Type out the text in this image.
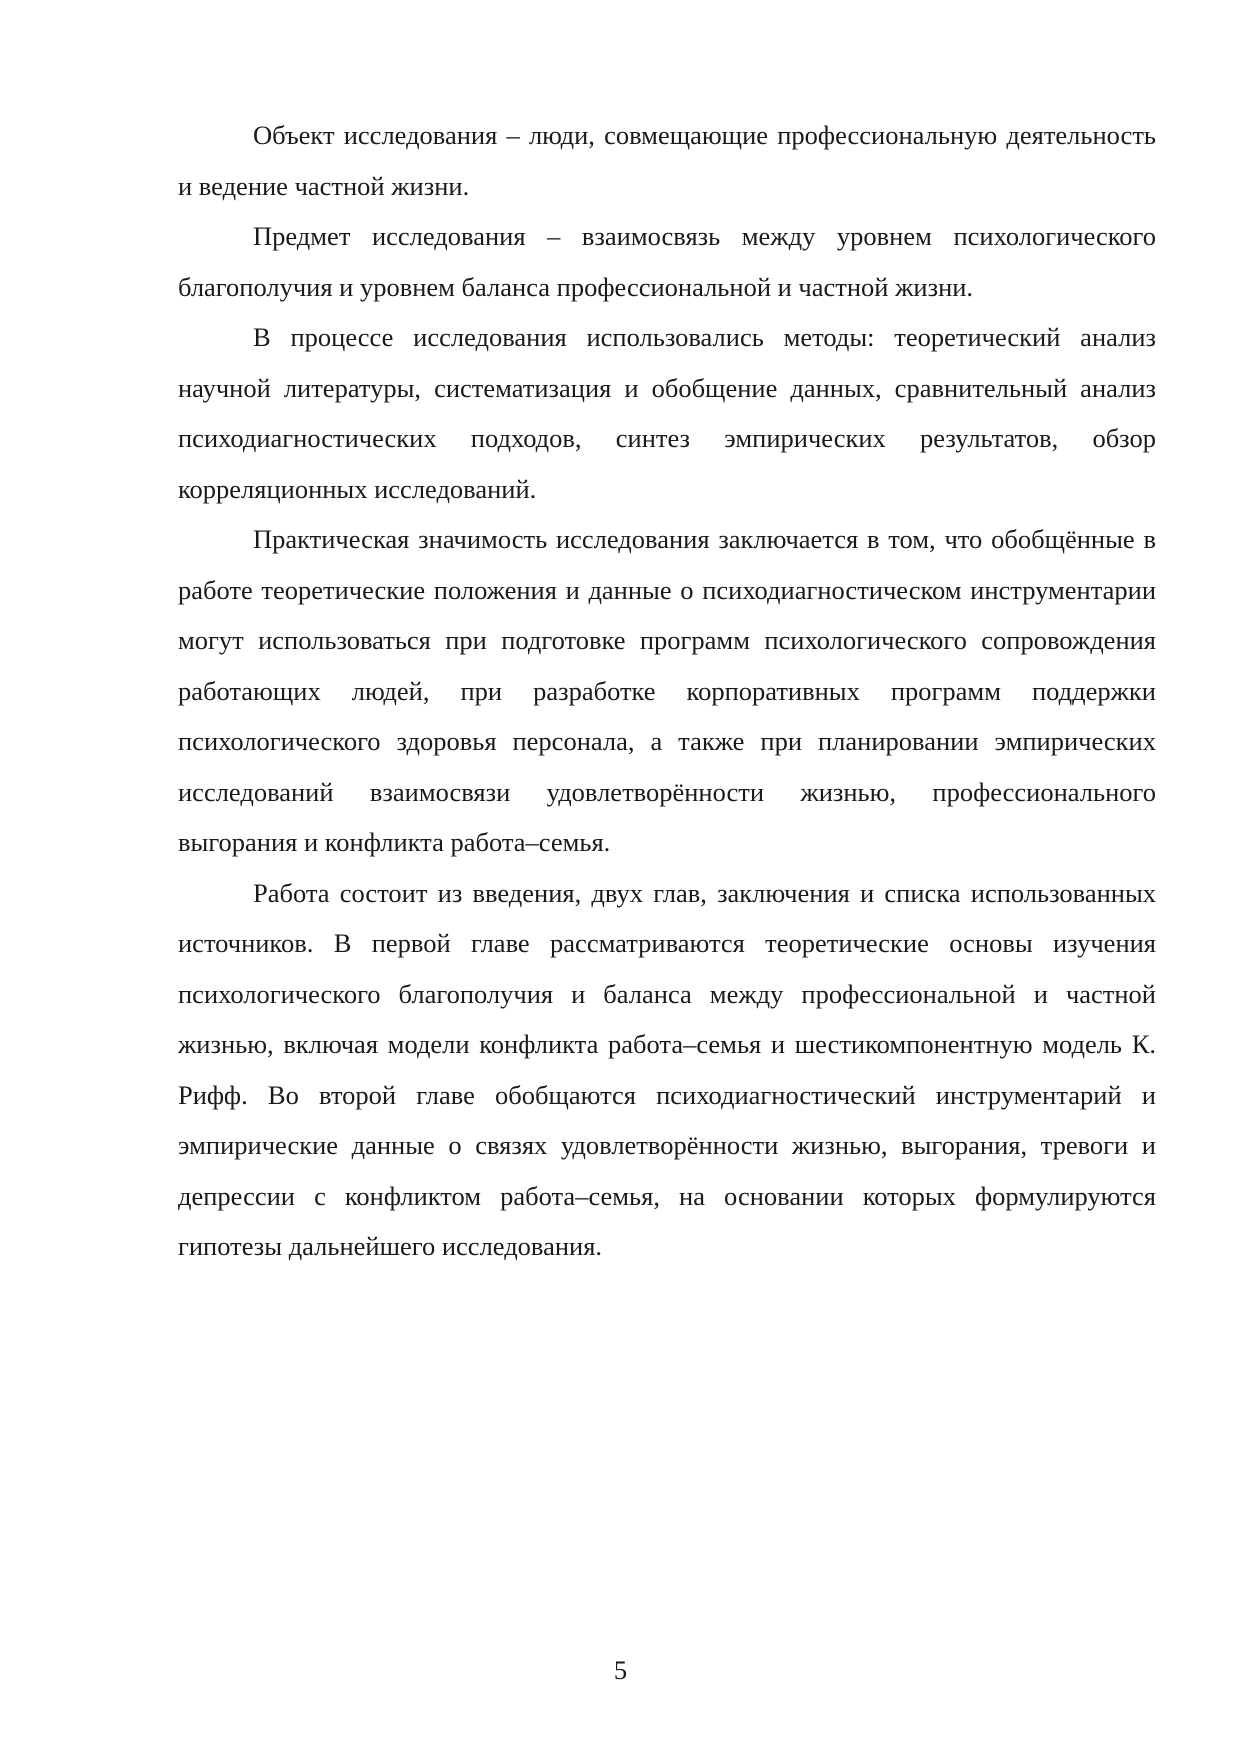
Объект исследования – люди, совмещающие профессиональную деятельность и ведение частной жизни.

Предмет исследования – взаимосвязь между уровнем психологического благополучия и уровнем баланса профессиональной и частной жизни.

В процессе исследования использовались методы: теоретический анализ научной литературы, систематизация и обобщение данных, сравнительный анализ психодиагностических подходов, синтез эмпирических результатов, обзор корреляционных исследований.

Практическая значимость исследования заключается в том, что обобщённые в работе теоретические положения и данные о психодиагностическом инструментарии могут использоваться при подготовке программ психологического сопровождения работающих людей, при разработке корпоративных программ поддержки психологического здоровья персонала, а также при планировании эмпирических исследований взаимосвязи удовлетворённости жизнью, профессионального выгорания и конфликта работа–семья.

Работа состоит из введения, двух глав, заключения и списка использованных источников. В первой главе рассматриваются теоретические основы изучения психологического благополучия и баланса между профессиональной и частной жизнью, включая модели конфликта работа–семья и шестикомпонентную модель К. Рифф. Во второй главе обобщаются психодиагностический инструментарий и эмпирические данные о связях удовлетворённости жизнью, выгорания, тревоги и депрессии с конфликтом работа–семья, на основании которых формулируются гипотезы дальнейшего исследования.

5
